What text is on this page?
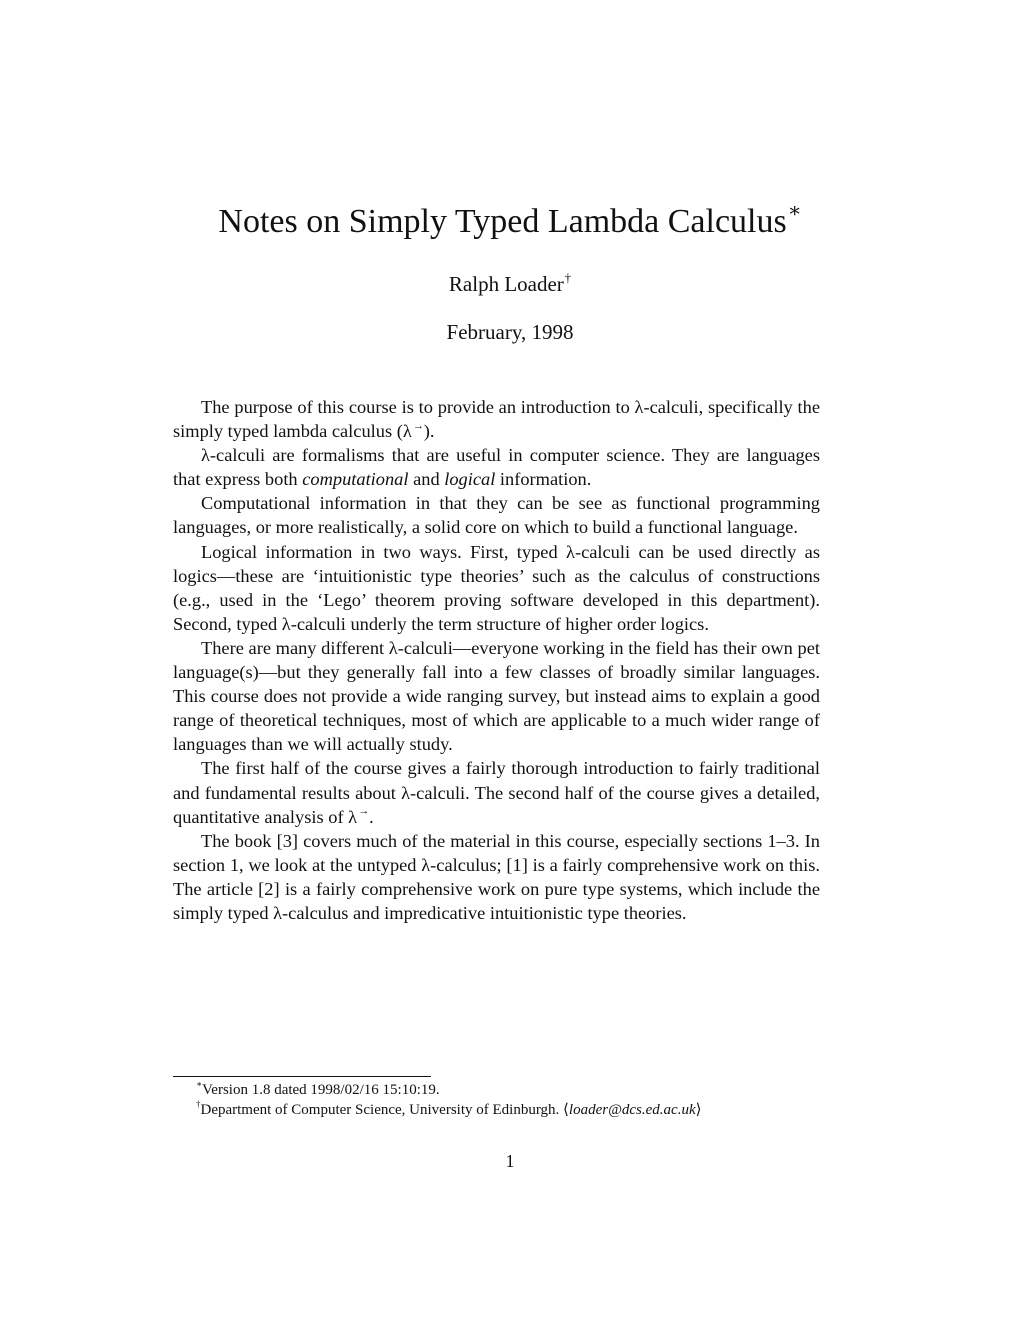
Notes on Simply Typed Lambda Calculus∗
Ralph Loader†
February, 1998

The purpose of this course is to provide an introduction to λ-calculi, specifically the simply typed lambda calculus (λ→).

λ-calculi are formalisms that are useful in computer science. They are languages that express both computational and logical information.

Computational information in that they can be see as functional programming languages, or more realistically, a solid core on which to build a functional language.

Logical information in two ways. First, typed λ-calculi can be used directly as logics—these are ‘intuitionistic type theories’ such as the calculus of constructions (e.g., used in the ‘Lego’ theorem proving software developed in this department). Second, typed λ-calculi underly the term structure of higher order logics.

There are many different λ-calculi—everyone working in the field has their own pet language(s)—but they generally fall into a few classes of broadly similar languages. This course does not provide a wide ranging survey, but instead aims to explain a good range of theoretical techniques, most of which are applicable to a much wider range of languages than we will actually study.

The first half of the course gives a fairly thorough introduction to fairly traditional and fundamental results about λ-calculi. The second half of the course gives a detailed, quantitative analysis of λ→.

The book [3] covers much of the material in this course, especially sections 1–3. In section 1, we look at the untyped λ-calculus; [1] is a fairly comprehensive work on this. The article [2] is a fairly comprehensive work on pure type systems, which include the simply typed λ-calculus and impredicative intuitionistic type theories.

∗Version 1.8 dated 1998/02/16 15:10:19.
†Department of Computer Science, University of Edinburgh. ⟨loader@dcs.ed.ac.uk⟩
1
